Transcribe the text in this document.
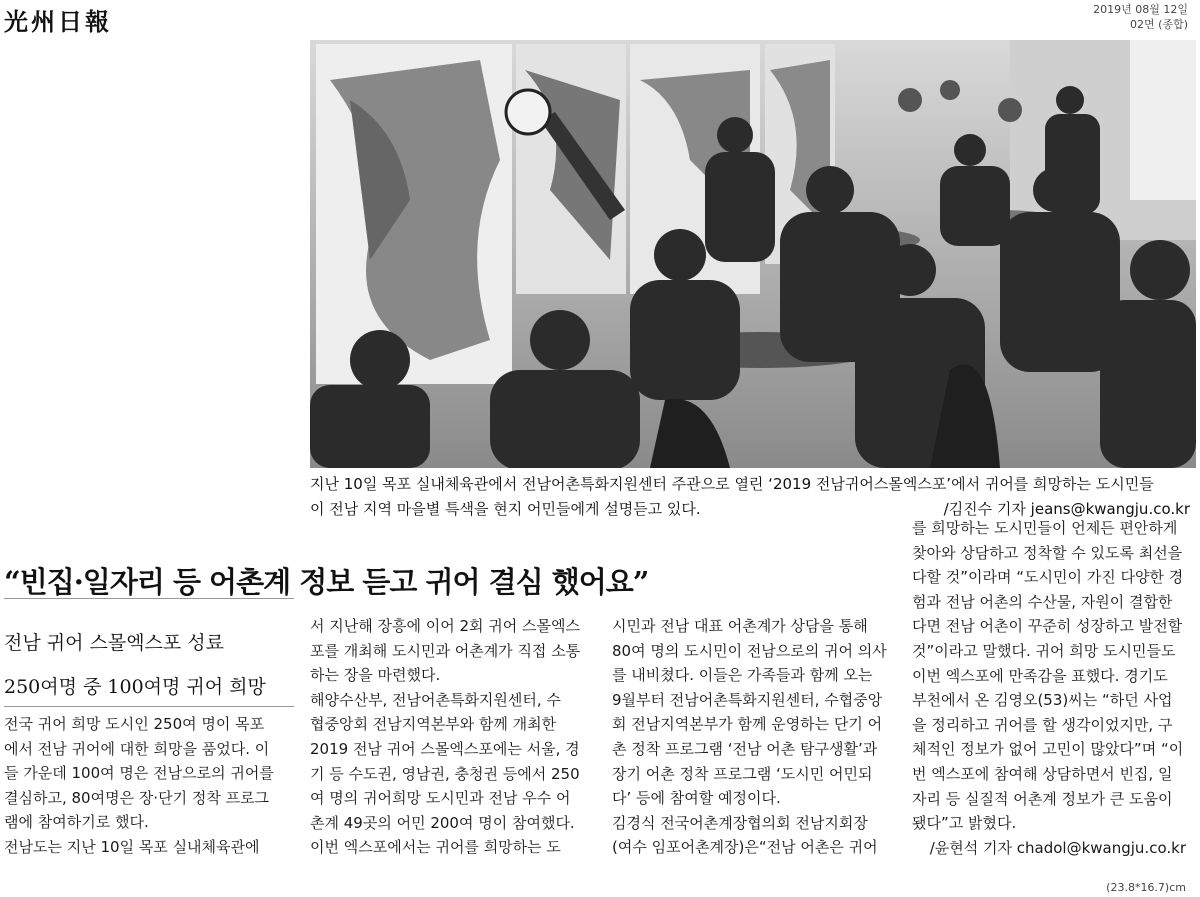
光州日報	2019년 08월 12일
02면 (종합)
지난 10일 목포 실내체육관에서 전남어촌특화지원센터 주관으로 열린 ‘2019 전남귀어스몰엑스포’에서 귀어를 희망하는 도시민들
이 전남 지역 마을별 특색을 현지 어민들에게 설명듣고 있다.	/김진수 기자 jeans@kwangju.co.kr
“빈집·일자리 등 어촌계 정보 듣고 귀어 결심 했어요”
전남 귀어 스몰엑스포 성료
250여명 중 100여명 귀어 희망

전국 귀어 희망 도시인 250여 명이 목포

에서 전남 귀어에 대한 희망을 품었다. 이

들 가운데 100여 명은 전남으로의 귀어를

결심하고, 80여명은 장·단기 정착 프로그

램에 참여하기로 했다.

전남도는 지난 10일 목포 실내체육관에

서 지난해 장흥에 이어 2회 귀어 스몰엑스

포를 개최해 도시민과 어촌계가 직접 소통

하는 장을 마련했다.

해양수산부, 전남어촌특화지원센터, 수

협중앙회 전남지역본부와 함께 개최한

2019 전남 귀어 스몰엑스포에는 서울, 경

기 등 수도권, 영남권, 충청권 등에서 250

여 명의 귀어희망 도시민과 전남 우수 어

촌계 49곳의 어민 200여 명이 참여했다.

이번 엑스포에서는 귀어를 희망하는 도

시민과 전남 대표 어촌계가 상담을 통해

80여 명의 도시민이 전남으로의 귀어 의사

를 내비쳤다. 이들은 가족들과 함께 오는

9월부터 전남어촌특화지원센터, 수협중앙

회 전남지역본부가 함께 운영하는 단기 어

촌 정착 프로그램 ‘전남 어촌 탐구생활’과

장기 어촌 정착 프로그램 ‘도시민 어민되

다’ 등에 참여할 예정이다.

김경식 전국어촌계장협의회 전남지회장

(여수 임포어촌계장)은“전남 어촌은 귀어

를 희망하는 도시민들이 언제든 편안하게

찾아와 상담하고 정착할 수 있도록 최선을

다할 것”이라며 “도시민이 가진 다양한 경

험과 전남 어촌의 수산물, 자원이 결합한

다면 전남 어촌이 꾸준히 성장하고 발전할

것”이라고 말했다. 귀어 희망 도시민들도

이번 엑스포에 만족감을 표했다. 경기도

부천에서 온 김영오(53)씨는 “하던 사업

을 정리하고 귀어를 할 생각이었지만, 구

체적인 정보가 없어 고민이 많았다”며 “이

번 엑스포에 참여해 상담하면서 빈집, 일

자리 등 실질적 어촌계 정보가 큰 도움이

됐다”고 밝혔다.

/윤현석 기자 chadol@kwangju.co.kr

(23.8*16.7)cm
